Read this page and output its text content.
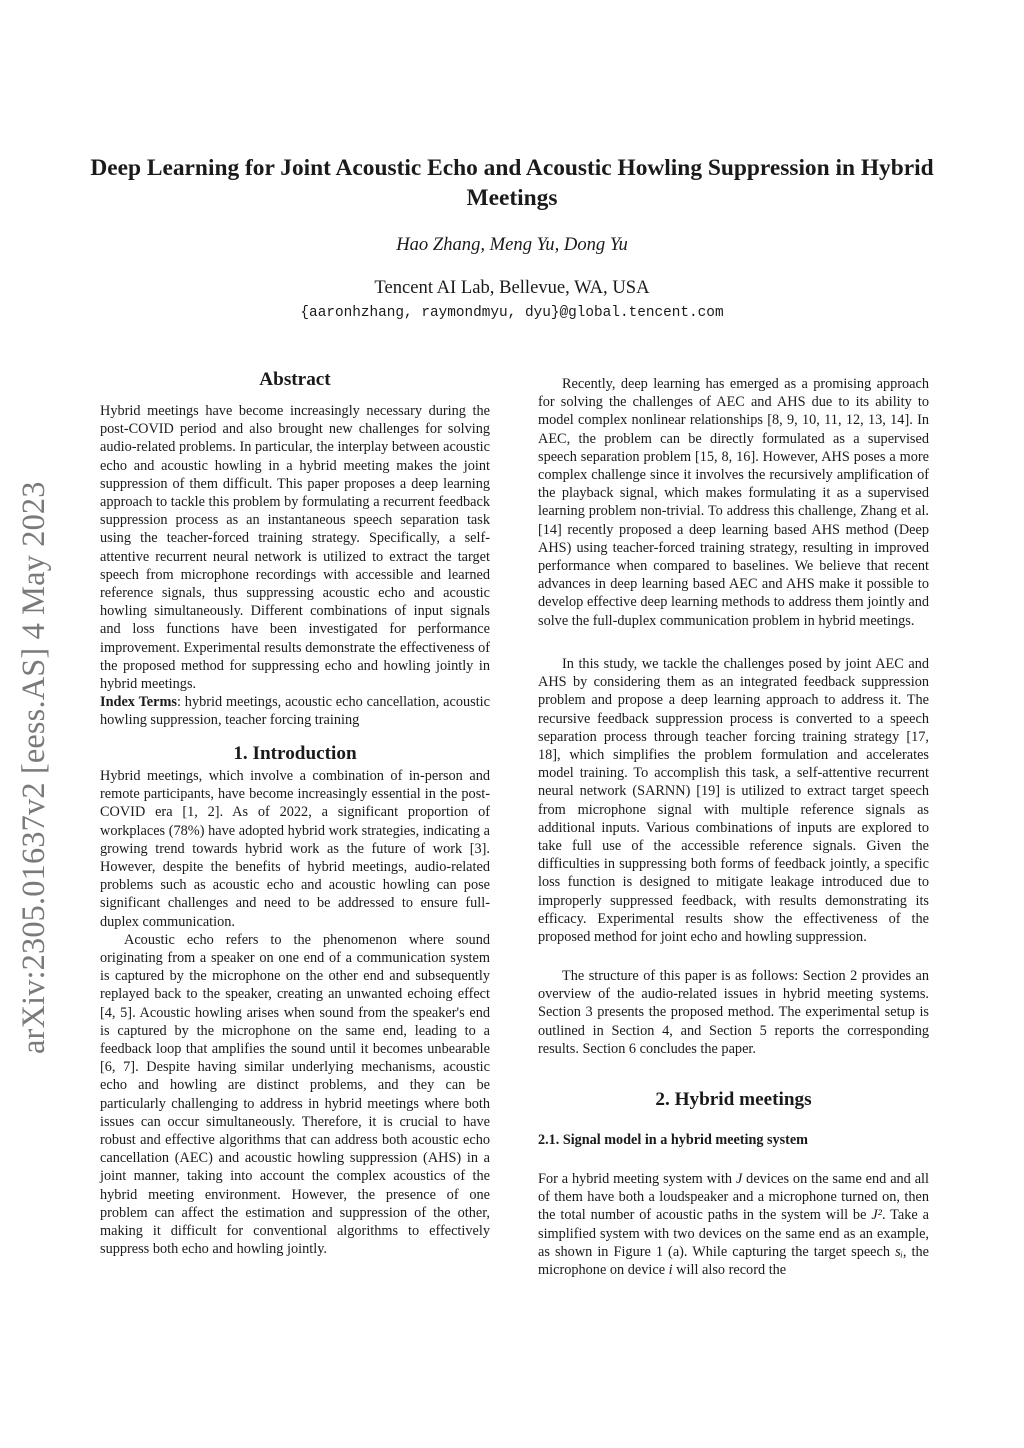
arXiv:2305.01637v2 [eess.AS] 4 May 2023
Deep Learning for Joint Acoustic Echo and Acoustic Howling Suppression in Hybrid Meetings
Hao Zhang, Meng Yu, Dong Yu
Tencent AI Lab, Bellevue, WA, USA
{aaronhzhang, raymondmyu, dyu}@global.tencent.com
Abstract

Hybrid meetings have become increasingly necessary during the post-COVID period and also brought new challenges for solving audio-related problems. In particular, the interplay between acoustic echo and acoustic howling in a hybrid meeting makes the joint suppression of them difficult. This paper proposes a deep learning approach to tackle this problem by formulating a recurrent feedback suppression process as an instantaneous speech separation task using the teacher-forced training strategy. Specifically, a self-attentive recurrent neural network is utilized to extract the target speech from microphone recordings with accessible and learned reference signals, thus suppressing acoustic echo and acoustic howling simultaneously. Different combinations of input signals and loss functions have been investigated for performance improvement. Experimental results demonstrate the effectiveness of the proposed method for suppressing echo and howling jointly in hybrid meetings.

Index Terms: hybrid meetings, acoustic echo cancellation, acoustic howling suppression, teacher forcing training

1. Introduction

Hybrid meetings, which involve a combination of in-person and remote participants, have become increasingly essential in the post-COVID era [1, 2]. As of 2022, a significant proportion of workplaces (78%) have adopted hybrid work strategies, indicating a growing trend towards hybrid work as the future of work [3]. However, despite the benefits of hybrid meetings, audio-related problems such as acoustic echo and acoustic howling can pose significant challenges and need to be addressed to ensure full-duplex communication.

Acoustic echo refers to the phenomenon where sound originating from a speaker on one end of a communication system is captured by the microphone on the other end and subsequently replayed back to the speaker, creating an unwanted echoing effect [4, 5]. Acoustic howling arises when sound from the speaker's end is captured by the microphone on the same end, leading to a feedback loop that amplifies the sound until it becomes unbearable [6, 7]. Despite having similar underlying mechanisms, acoustic echo and howling are distinct problems, and they can be particularly challenging to address in hybrid meetings where both issues can occur simultaneously. Therefore, it is crucial to have robust and effective algorithms that can address both acoustic echo cancellation (AEC) and acoustic howling suppression (AHS) in a joint manner, taking into account the complex acoustics of the hybrid meeting environment. However, the presence of one problem can affect the estimation and suppression of the other, making it difficult for conventional algorithms to effectively suppress both echo and howling jointly.

Recently, deep learning has emerged as a promising approach for solving the challenges of AEC and AHS due to its ability to model complex nonlinear relationships [8, 9, 10, 11, 12, 13, 14]. In AEC, the problem can be directly formulated as a supervised speech separation problem [15, 8, 16]. However, AHS poses a more complex challenge since it involves the recursively amplification of the playback signal, which makes formulating it as a supervised learning problem non-trivial. To address this challenge, Zhang et al. [14] recently proposed a deep learning based AHS method (Deep AHS) using teacher-forced training strategy, resulting in improved performance when compared to baselines. We believe that recent advances in deep learning based AEC and AHS make it possible to develop effective deep learning methods to address them jointly and solve the full-duplex communication problem in hybrid meetings.

In this study, we tackle the challenges posed by joint AEC and AHS by considering them as an integrated feedback suppression problem and propose a deep learning approach to address it. The recursive feedback suppression process is converted to a speech separation process through teacher forcing training strategy [17, 18], which simplifies the problem formulation and accelerates model training. To accomplish this task, a self-attentive recurrent neural network (SARNN) [19] is utilized to extract target speech from microphone signal with multiple reference signals as additional inputs. Various combinations of inputs are explored to take full use of the accessible reference signals. Given the difficulties in suppressing both forms of feedback jointly, a specific loss function is designed to mitigate leakage introduced due to improperly suppressed feedback, with results demonstrating its efficacy. Experimental results show the effectiveness of the proposed method for joint echo and howling suppression.

The structure of this paper is as follows: Section 2 provides an overview of the audio-related issues in hybrid meeting systems. Section 3 presents the proposed method. The experimental setup is outlined in Section 4, and Section 5 reports the corresponding results. Section 6 concludes the paper.

2. Hybrid meetings
2.1. Signal model in a hybrid meeting system

For a hybrid meeting system with J devices on the same end and all of them have both a loudspeaker and a microphone turned on, then the total number of acoustic paths in the system will be J². Take a simplified system with two devices on the same end as an example, as shown in Figure 1 (a). While capturing the target speech sᵢ, the microphone on device i will also record the
